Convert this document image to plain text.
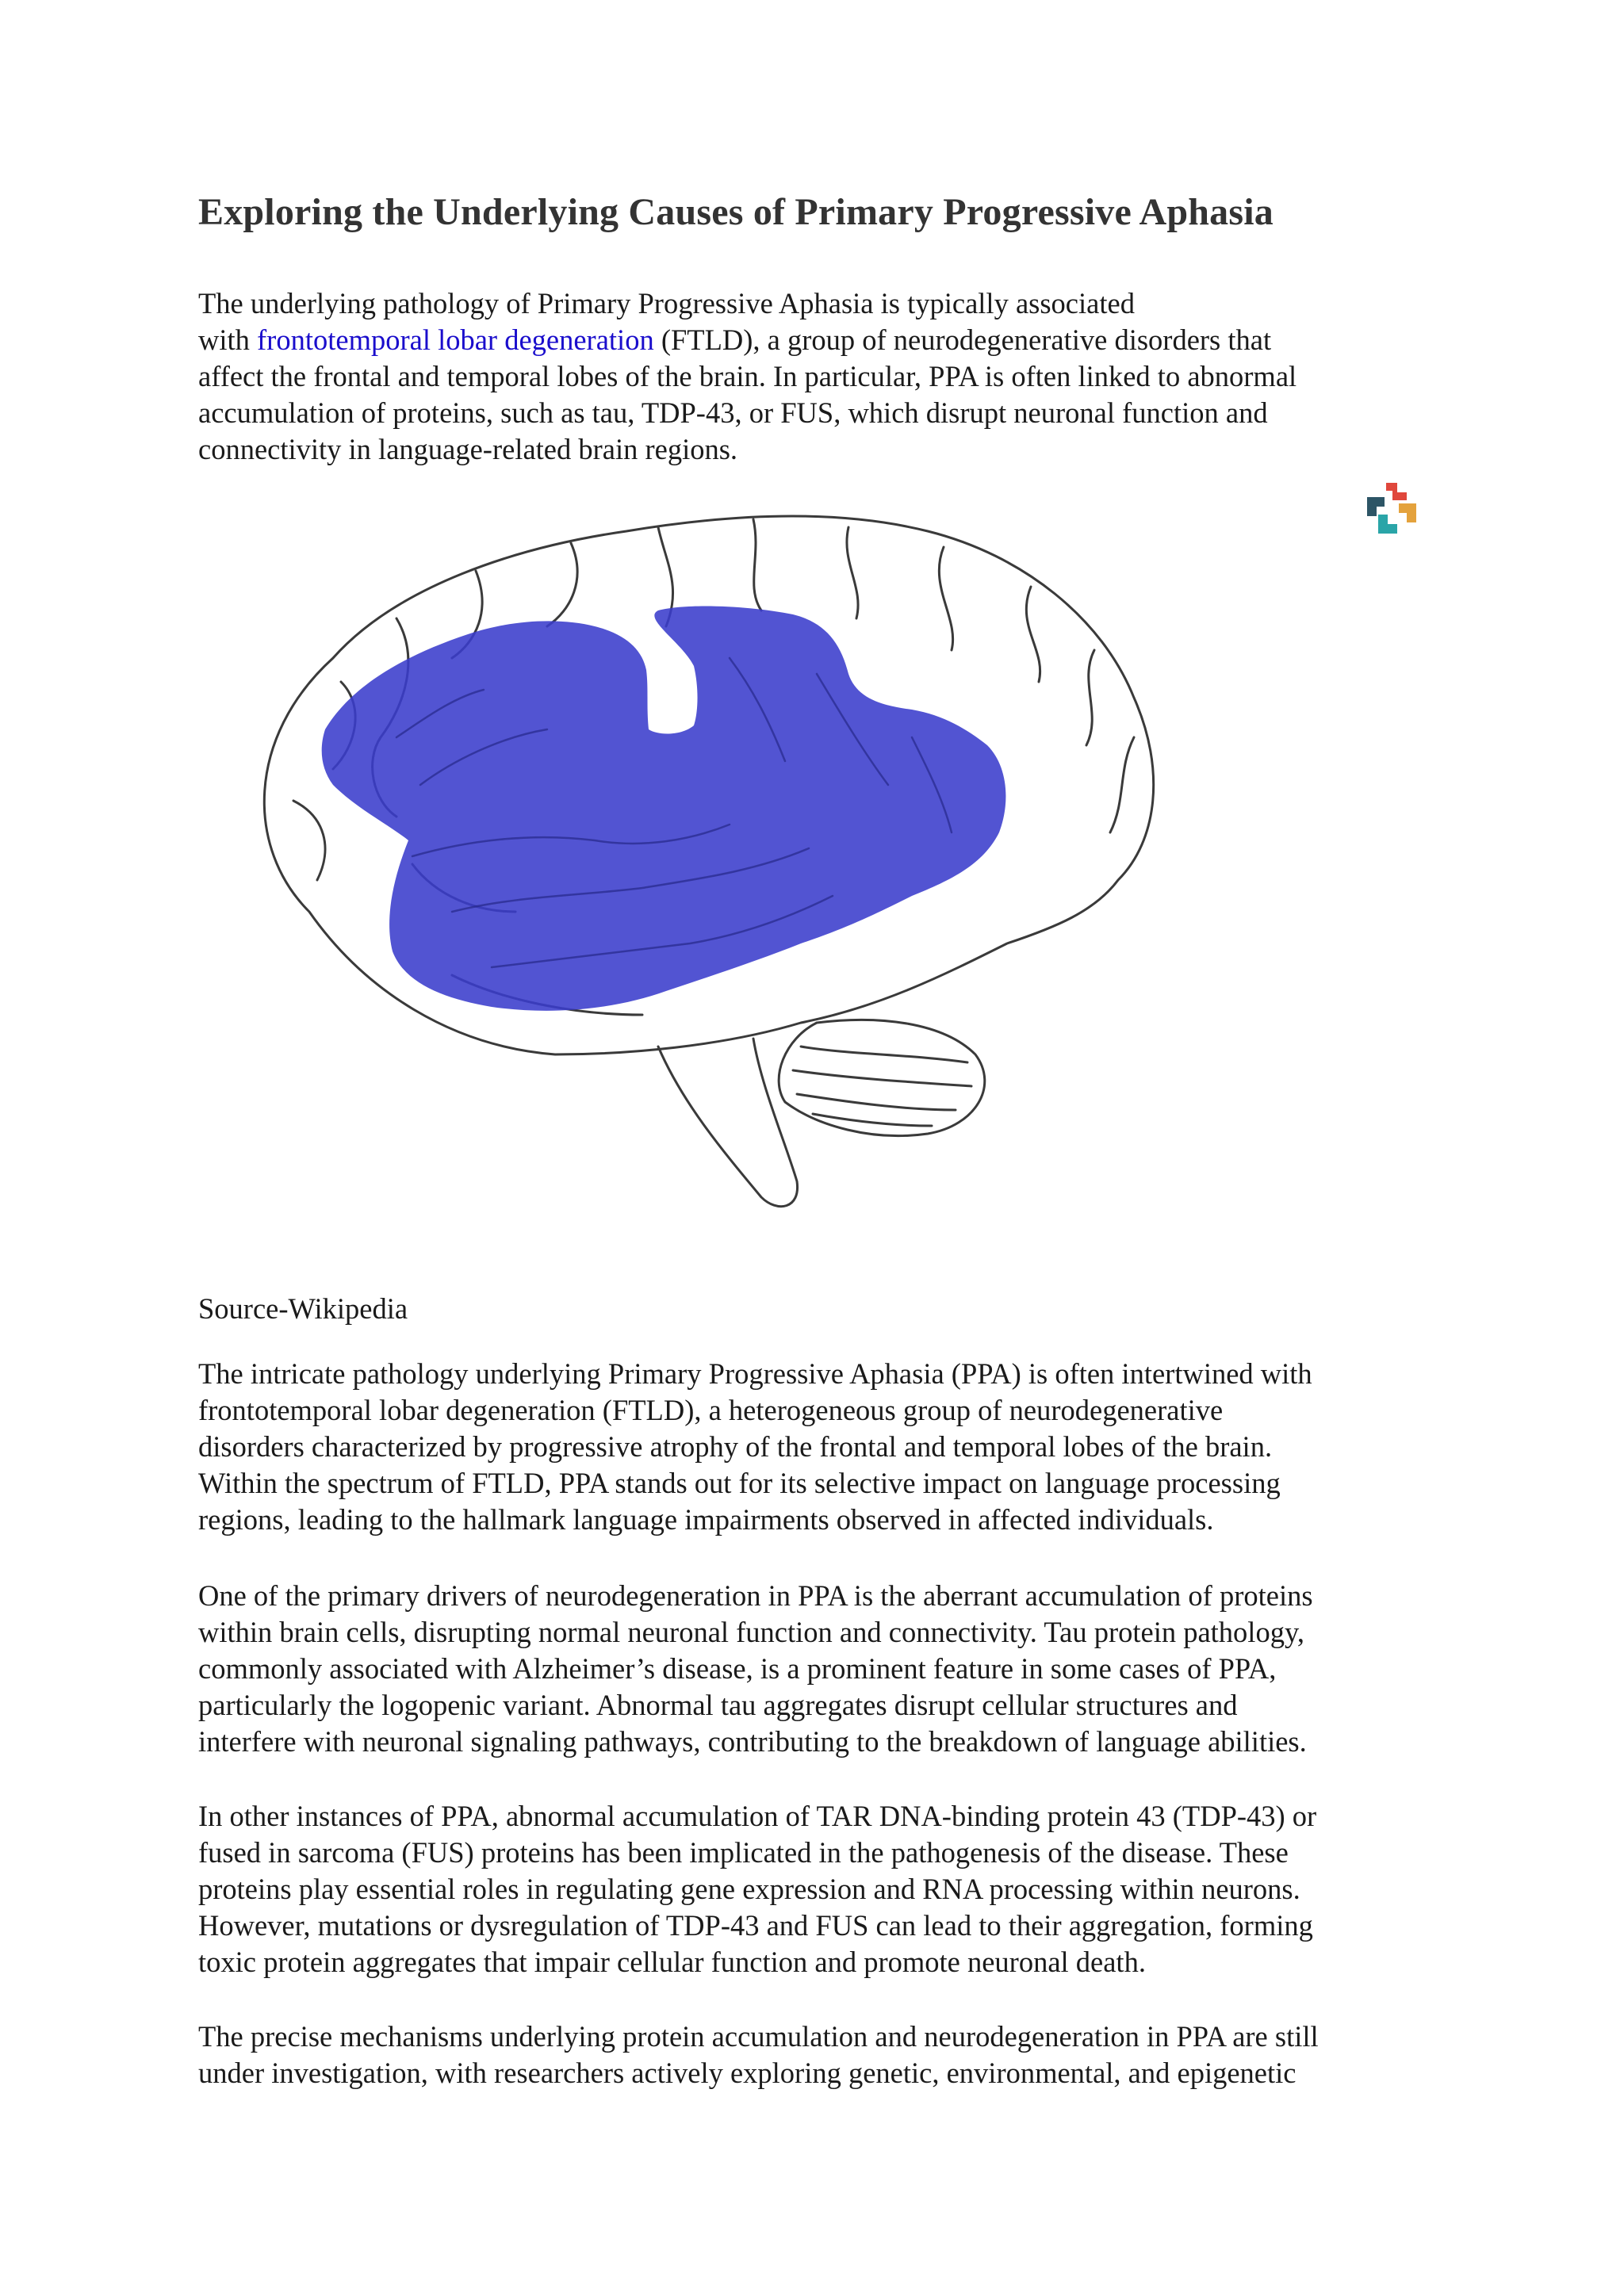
Exploring the Underlying Causes of Primary Progressive Aphasia

The underlying pathology of Primary Progressive Aphasia is typically associated
with frontotemporal lobar degeneration (FTLD), a group of neurodegenerative disorders that
affect the frontal and temporal lobes of the brain. In particular, PPA is often linked to abnormal
accumulation of proteins, such as tau, TDP-43, or FUS, which disrupt neuronal function and
connectivity in language-related brain regions.

Source-Wikipedia

The intricate pathology underlying Primary Progressive Aphasia (PPA) is often intertwined with
frontotemporal lobar degeneration (FTLD), a heterogeneous group of neurodegenerative
disorders characterized by progressive atrophy of the frontal and temporal lobes of the brain.
Within the spectrum of FTLD, PPA stands out for its selective impact on language processing
regions, leading to the hallmark language impairments observed in affected individuals.

One of the primary drivers of neurodegeneration in PPA is the aberrant accumulation of proteins
within brain cells, disrupting normal neuronal function and connectivity. Tau protein pathology,
commonly associated with Alzheimer’s disease, is a prominent feature in some cases of PPA,
particularly the logopenic variant. Abnormal tau aggregates disrupt cellular structures and
interfere with neuronal signaling pathways, contributing to the breakdown of language abilities.

In other instances of PPA, abnormal accumulation of TAR DNA-binding protein 43 (TDP-43) or
fused in sarcoma (FUS) proteins has been implicated in the pathogenesis of the disease. These
proteins play essential roles in regulating gene expression and RNA processing within neurons.
However, mutations or dysregulation of TDP-43 and FUS can lead to their aggregation, forming
toxic protein aggregates that impair cellular function and promote neuronal death.

The precise mechanisms underlying protein accumulation and neurodegeneration in PPA are still
under investigation, with researchers actively exploring genetic, environmental, and epigenetic
